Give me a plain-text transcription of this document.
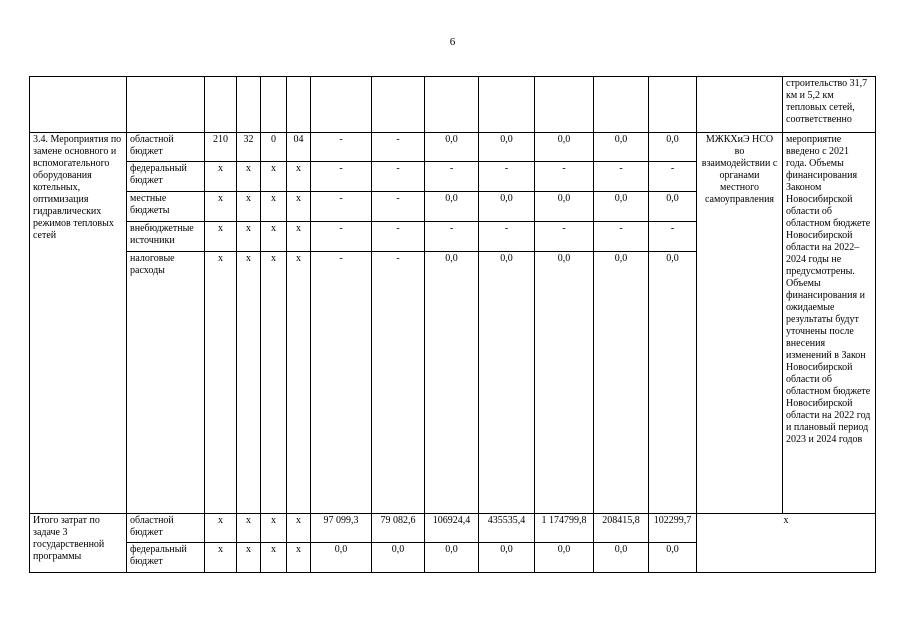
6
														строительство 31,7 км и 5,2 км тепловых сетей, соответственно
3.4. Мероприятия по замене основного и вспомогательного оборудования котельных, оптимизация гидравлических режимов тепловых сетей	областной бюджет	210	32	0	04	-	-	0,0	0,0	0,0	0,0	0,0	МЖКХиЭ НСО во взаимодействии с органами местного самоуправления	мероприятие введено с 2021 года. Объемы финансирования Законом Новосибирской области об областном бюджете Новосибирской области на 2022–2024 годы не предусмотрены. Объемы финансирования и ожидаемые результаты будут уточнены после внесения изменений в Закон Новосибирской области об областном бюджете Новосибирской области на 2022 год и плановый период 2023 и 2024 годов
	федеральный бюджет	x	x	x	x	-	-	-	-	-	-	-		
	местные бюджеты	x	x	x	x	-	-	0,0	0,0	0,0	0,0	0,0		
	внебюджетные источники	x	x	x	x	-	-	-	-	-	-	-		
	налоговые расходы	x	x	x	x	-	-	0,0	0,0	0,0	0,0	0,0		
Итого затрат по задаче 3 государственной программы	областной бюджет	x	x	x	x	97 099,3	79 082,6	106924,4	435535,4	1 174799,8	208415,8	102299,7	x	
	федеральный бюджет	x	x	x	x	0,0	0,0	0,0	0,0	0,0	0,0	0,0		
